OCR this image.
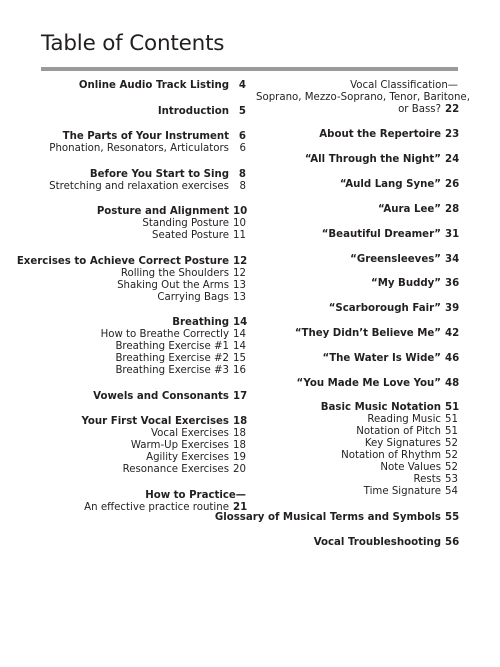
Table of Contents
Online Audio Track Listing 4
Introduction 5
The Parts of Your Instrument 6
Phonation, Resonators, Articulators	6
Before You Start to Sing 8
Stretching and relaxation exercises	8
Posture and Alignment 10
Standing Posture 10
Seated Posture 11
Exercises to Achieve Correct Posture 12
Rolling the Shoulders 12
Shaking Out the Arms 13
Carrying Bags 13
Breathing 14
How to Breathe Correctly 14
Breathing Exercise #1 14
Breathing Exercise #2 15
Breathing Exercise #3 16
Vowels and Consonants 17
Your First Vocal Exercises 18
Vocal Exercises 18
Warm-Up Exercises 18
Agility Exercises 19
Resonance Exercises 20
How to Practice—
An effective practice routine 21
Vocal Classification—
Soprano, Mezzo-Soprano, Tenor, Baritone,
or Bass? 22
About the Repertoire 23
“All Through the Night” 24
“Auld Lang Syne” 26
“Aura Lee” 28
“Beautiful Dreamer” 31
“Greensleeves” 34
“My Buddy” 36
“Scarborough Fair” 39
“They Didn’t Believe Me” 42
“The Water Is Wide” 46
“You Made Me Love You” 48
Basic Music Notation 51
Reading Music 51
Notation of Pitch 51
Key Signatures 52
Notation of Rhythm 52
Note Values 52
Rests 53
Time Signature 54
Glossary of Musical Terms and Symbols 55
Vocal Troubleshooting 56
